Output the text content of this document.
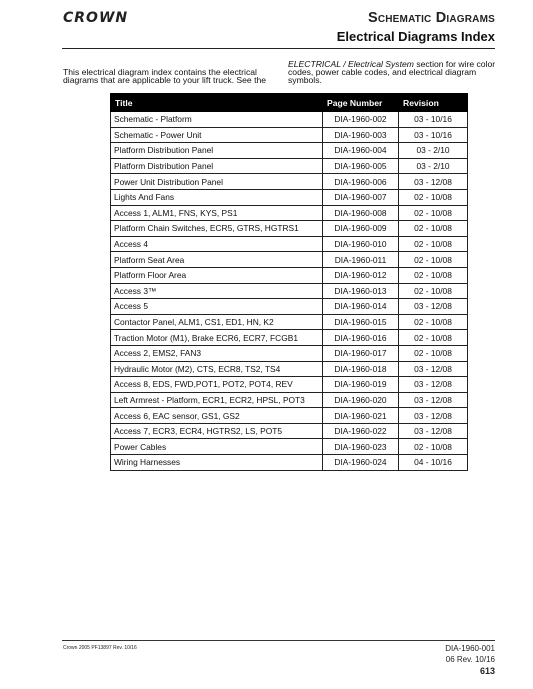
CROWN	Schematic Diagrams
Electrical Diagrams Index
This electrical diagram index contains the electrical diagrams that are applicable to your lift truck. See the
ELECTRICAL / Electrical System section for wire color codes, power cable codes, and electrical diagram symbols.
Title	Page Number	Revision
Schematic - Platform	DIA-1960-002	03 - 10/16
Schematic - Power Unit	DIA-1960-003	03 - 10/16
Platform Distribution Panel	DIA-1960-004	03 - 2/10
Platform Distribution Panel	DIA-1960-005	03 - 2/10
Power Unit Distribution Panel	DIA-1960-006	03 - 12/08
Lights And Fans	DIA-1960-007	02 - 10/08
Access 1, ALM1, FNS, KYS, PS1	DIA-1960-008	02 - 10/08
Platform Chain Switches, ECR5, GTRS, HGTRS1	DIA-1960-009	02 - 10/08
Access 4	DIA-1960-010	02 - 10/08
Platform Seat Area	DIA-1960-011	02 - 10/08
Platform Floor Area	DIA-1960-012	02 - 10/08
Access 3™	DIA-1960-013	02 - 10/08
Access 5	DIA-1960-014	03 - 12/08
Contactor Panel, ALM1, CS1, ED1, HN, K2	DIA-1960-015	02 - 10/08
Traction Motor (M1), Brake ECR6, ECR7, FCGB1	DIA-1960-016	02 - 10/08
Access 2, EMS2, FAN3	DIA-1960-017	02 - 10/08
Hydraulic Motor (M2), CTS, ECR8, TS2, TS4	DIA-1960-018	03 - 12/08
Access 8, EDS, FWD,POT1, POT2, POT4, REV	DIA-1960-019	03 - 12/08
Left Armrest - Platform, ECR1, ECR2, HPSL, POT3	DIA-1960-020	03 - 12/08
Access 6, EAC sensor, GS1, GS2	DIA-1960-021	03 - 12/08
Access 7, ECR3, ECR4, HGTRS2, LS, POT5	DIA-1960-022	03 - 12/08
Power Cables	DIA-1960-023	02 - 10/08
Wiring Harnesses	DIA-1960-024	04 - 10/16
Crown 2005 PF13897 Rev. 10/16	DIA-1960-001
06 Rev. 10/16
613
